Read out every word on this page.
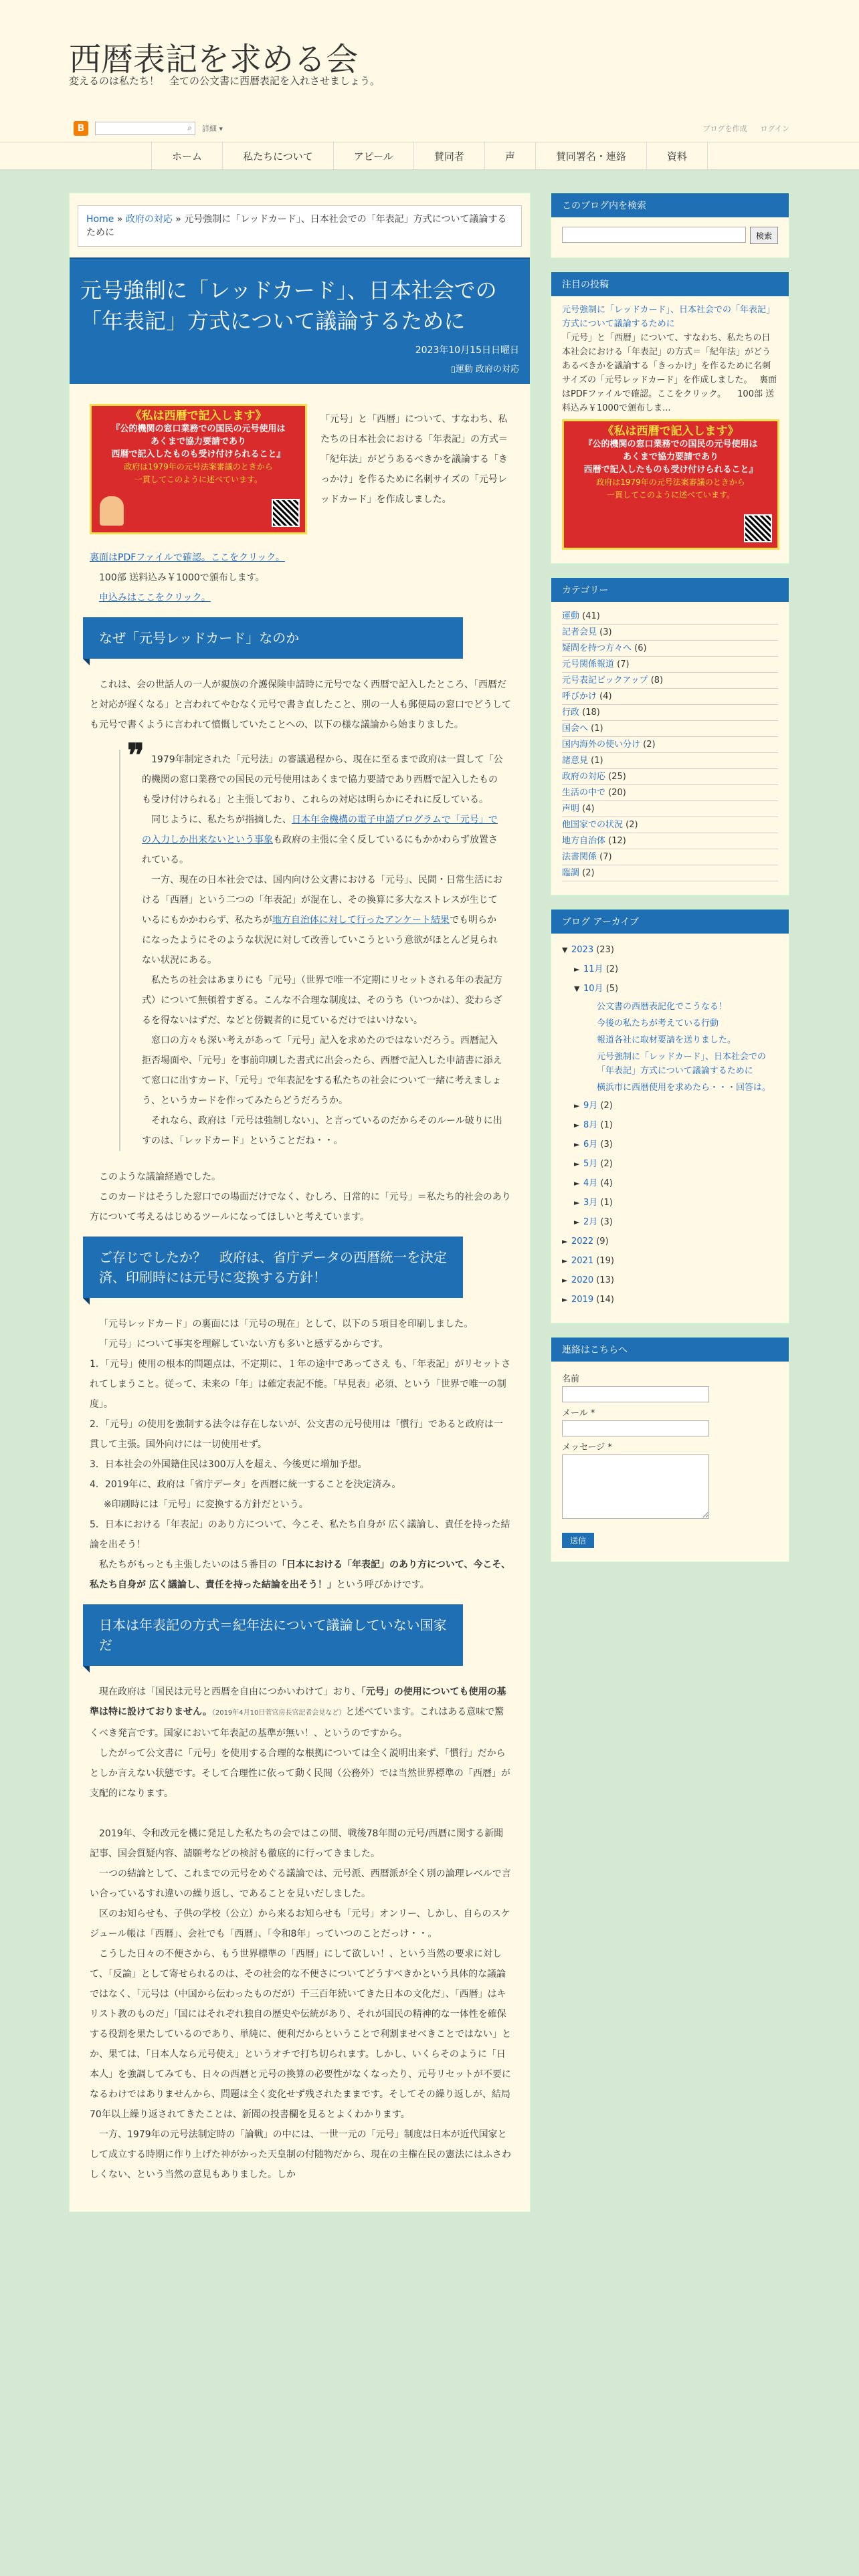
西暦表記を求める会
変えるのは私たち！　全ての公文書に西暦表記を入れさせましょう。
B	⌕ 詳細 ▾	ブログを作成 ログイン
ホーム	私たちについて	アピール	賛同者	声	賛同署名・連絡	資料
Home » 政府の対応 » 元号強制に「レッドカード」、日本社会での「年表記」方式について議論するために
元号強制に「レッドカード」、日本社会での「年表記」方式について議論するために
2023年10月15日日曜日
▯運動 政府の対応
《私は西暦で記入します》
『公的機関の窓口業務での国民の元号使用は
あくまで協力要請であり
西暦で記入したものも受け付けられること』
政府は1979年の元号法案審議のときから
一貫してこのように述べています。
「元号」と「西暦」について、すなわち、私たちの日本社会における「年表記」の方式＝「紀年法」がどうあるべきかを議論する「きっかけ」を作るために名刺サイズの「元号レッドカード」を作成しました。
裏面はPDFファイルで確認。ここをクリック。
100部 送料込み￥1000で頒布します。
申込みはここをクリック。
なぜ「元号レッドカード」なのか

これは、会の世話人の一人が親族の介護保険申請時に元号でなく西暦で記入したところ、「西暦だと対応が遅くなる」と言われてやむなく元号で書き直したこと、別の一人も郵便局の窓口でどうしても元号で書くように言われて憤慨していたことへの、以下の様な議論から始まりました。

❞ 1979年制定された「元号法」の審議過程から、現在に至るまで政府は一貫して「公的機関の窓口業務での国民の元号使用はあくまで協力要請であり西暦で記入したものも受け付けられる」と主張しており、これらの対応は明らかにそれに反している。

同じように、私たちが指摘した、日本年金機構の電子申請プログラムで「元号」での入力しか出来ないという事象も政府の主張に全く反しているにもかかわらず放置されている。

一方、現在の日本社会では、国内向け公文書における「元号」、民間・日常生活における「西暦」という二つの「年表記」が混在し、その換算に多大なストレスが生じているにもかかわらず、私たちが地方自治体に対して行ったアンケート結果でも明らかになったようにそのような状況に対して改善していこうという意欲がほとんど見られない状況にある。

私たちの社会はあまりにも「元号」（世界で唯一不定期にリセットされる年の表記方式）について無頓着すぎる。こんな不合理な制度は、そのうち（いつかは）、変わらざるを得ないはずだ、などと傍観者的に見ているだけではいけない。

窓口の方々も深い考えがあって「元号」記入を求めたのではないだろう。西暦記入拒否場面や、「元号」を事前印刷した書式に出会ったら、西暦で記入した申請書に添えて窓口に出すカード、「元号」で年表記をする私たちの社会について一緒に考えましょう、というカードを作ってみたらどうだろうか。

それなら、政府は「元号は強制しない」、と言っているのだからそのルール破りに出すのは、「レッドカード」ということだね・・。

このような議論経過でした。

このカードはそうした窓口での場面だけでなく、むしろ、日常的に「元号」＝私たち的社会のあり方について考えるはじめるツールになってほしいと考えています。

ご存じでしたか？　政府は、省庁データの西暦統一を決定済、印刷時には元号に変換する方針！

「元号レッドカード」の裏面には「元号の現在」として、以下の５項目を印刷しました。

「元号」について事実を理解していない方も多いと感ずるからです。

1．「元号」使用の根本的問題点は、不定期に、１年の途中であってさえ も、「年表記」がリセットされてしまうこと。従って、未来の「年」は確定表記不能。「早見表」必須、という「世界で唯一の制度」。
2．「元号」の使用を強制する法令は存在しないが、公文書の元号使用は「慣行」であると政府は一貫して主張。国外向けには一切使用せず。
3．日本社会の外国籍住民は300万人を超え、今後更に増加予想。
4．2019年に、政府は「省庁データ」を西暦に統一することを決定済み。
※印刷時には「元号」に変換する方針だという。
5．日本における「年表記」のあり方について、今こそ、私たち自身が 広く議論し、責任を持った結論を出そう！

私たちがもっとも主張したいのは５番目の「日本における「年表記」のあり方について、今こそ、私たち自身が 広く議論し、責任を持った結論を出そう！」という呼びかけです。

日本は年表記の方式＝紀年法について議論していない国家だ

現在政府は「国民は元号と西暦を自由につかいわけて」おり、「元号」の使用についても使用の基準は特に設けておりません。（2019年4月10日菅官房長官記者会見など）と述べています。これはある意味で驚くべき発言です。国家において年表記の基準が無い！、というのですから。

したがって公文書に「元号」を使用する合理的な根拠については全く説明出来ず、「慣行」だからとしか言えない状態です。そして合理性に依って動く民間（公務外）では当然世界標準の「西暦」が支配的になります。

2019年、令和改元を機に発足した私たちの会ではこの間、戦後78年間の元号/西暦に関する新聞記事、国会質疑内容、請願考などの検討も徹底的に行ってきました。

一つの結論として、これまでの元号をめぐる議論では、元号派、西暦派が全く別の論理レベルで言い合っているすれ違いの繰り返し、であることを見いだしました。

区のお知らせも、子供の学校（公立）から来るお知らせも「元号」オンリー、しかし、自らのスケジュール帳は「西暦」、会社でも「西暦」、「令和8年」っていつのことだっけ・・。

こうした日々の不便さから、もう世界標準の「西暦」にして欲しい！、という当然の要求に対して、「反論」として寄せられるのは、その社会的な不便さについてどうすべきかという具体的な議論ではなく、「元号は（中国から伝わったものだが）千三百年続いてきた日本の文化だ」、「西暦」はキリスト教のものだ」「国にはそれぞれ独自の歴史や伝統があり、それが国民の精神的な一体性を確保する役割を果たしているのであり、単純に、便利だからということで利割ませべきことではない」とか、果ては、「日本人なら元号使え」というオチで打ち切られます。しかし、いくらそのように「日本人」を強調してみても、日々の西暦と元号の換算の必要性がなくなったり、元号リセットが不要になるわけではありませんから、問題は全く変化せず残されたままです。そしてその繰り返しが、結局70年以上繰り返されてきたことは、新聞の投書欄を見るとよくわかります。

一方、1979年の元号法制定時の「論戦」の中には、一世一元の「元号」制度は日本が近代国家として成立する時期に作り上げた神がかった天皇制の付随物だから、現在の主権在民の憲法にはふさわしくない、という当然の意見もありました。しか

このブログ内を検索
検索
注目の投稿
元号強制に「レッドカード」、日本社会での「年表記」方式について議論するために
「元号」と「西暦」について、すなわち、私たちの日本社会における「年表記」の方式＝「紀年法」がどうあるべきかを議論する「きっかけ」を作るために名刺サイズの「元号レッドカード」を作成しました。　 裏面はPDFファイルで確認。ここをクリック。 　100部 送料込み￥1000で頒布しま...
《私は西暦で記入します》
『公的機関の窓口業務での国民の元号使用は
あくまで協力要請であり
西暦で記入したものも受け付けられること』
政府は1979年の元号法案審議のときから
一貫してこのように述べています。
カテゴリー
運動 (41)
記者会見 (3)
疑問を持つ方々へ (6)
元号関係報道 (7)
元号表記ピックアップ (8)
呼びかけ (4)
行政 (18)
国会へ (1)
国内海外の使い分け (2)
諸意見 (1)
政府の対応 (25)
生活の中で (20)
声明 (4)
他国家での状況 (2)
地方自治体 (12)
法書関係 (7)
臨調 (2)
ブログ アーカイブ
▼ 2023 (23)
► 11月 (2)
▼ 10月 (5)
公文書の西暦表記化でこうなる！
今後の私たちが考えている行動
報道各社に取材要請を送りました。
元号強制に「レッドカード」、日本社会での「年表記」方式について議論するために
横浜市に西暦使用を求めたら・・・回答は。
► 9月 (2)
► 8月 (1)
► 6月 (3)
► 5月 (2)
► 4月 (4)
► 3月 (1)
► 2月 (3)
► 2022 (9)
► 2021 (19)
► 2020 (13)
► 2019 (14)
連絡はこちらへ
名前
メール *
メッセージ *
送信
